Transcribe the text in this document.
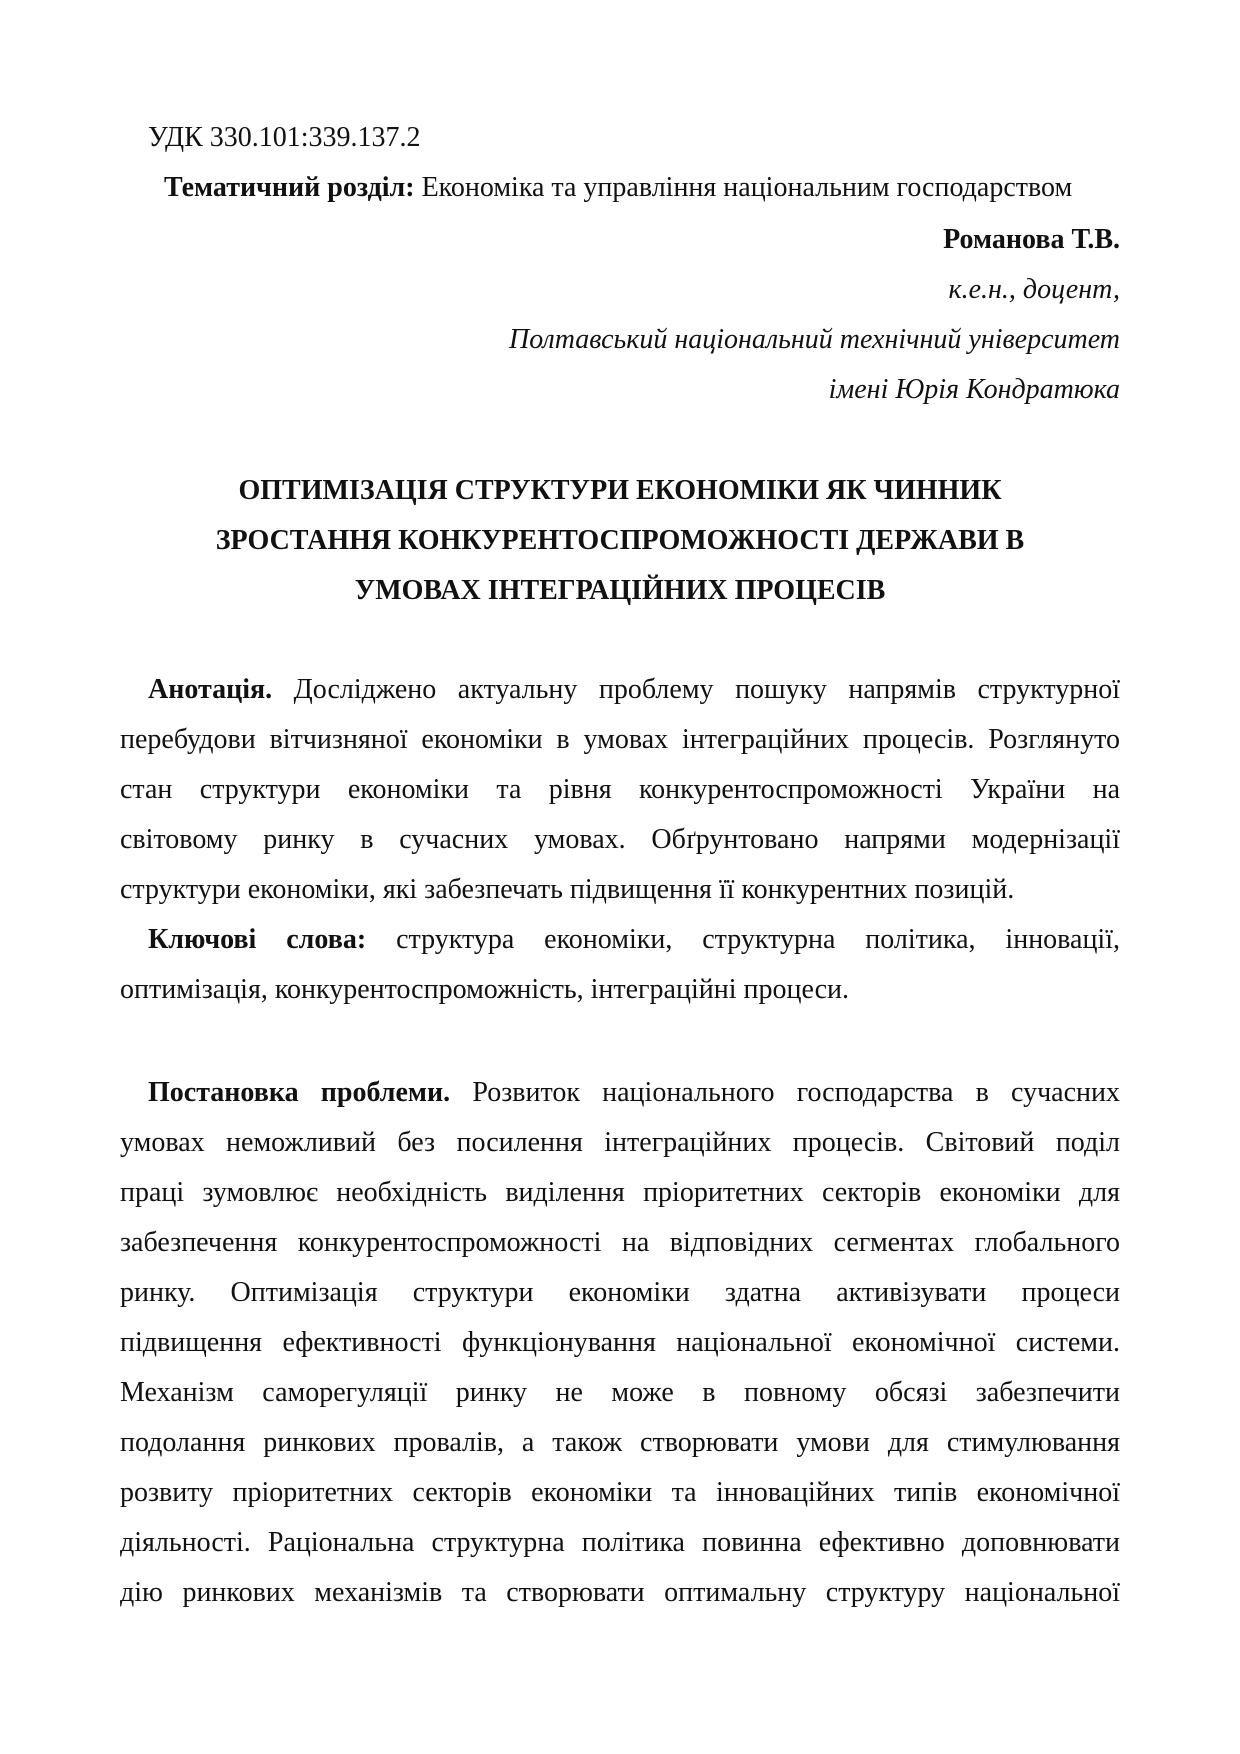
УДК 330.101:339.137.2
Тематичний розділ: Економіка та управління національним господарством
Романова Т.В.
к.е.н., доцент,
Полтавський національний технічний університет
імені Юрія Кондратюка
ОПТИМІЗАЦІЯ СТРУКТУРИ ЕКОНОМІКИ ЯК ЧИННИК
ЗРОСТАННЯ КОНКУРЕНТОСПРОМОЖНОСТІ ДЕРЖАВИ В
УМОВАХ ІНТЕГРАЦІЙНИХ ПРОЦЕСІВ
Анотація. Досліджено актуальну проблему пошуку напрямів структурної
перебудови вітчизняної економіки в умовах інтеграційних процесів. Розглянуто
стан структури економіки та рівня конкурентоспроможності України на
світовому ринку в сучасних умовах. Обґрунтовано напрями модернізації
структури економіки, які забезпечать підвищення її конкурентних позицій.
Ключові слова: структура економіки, структурна політика, інновації,
оптимізація, конкурентоспроможність, інтеграційні процеси.
Постановка проблеми. Розвиток національного господарства в сучасних
умовах неможливий без посилення інтеграційних процесів. Світовий поділ
праці зумовлює необхідність виділення пріоритетних секторів економіки для
забезпечення конкурентоспроможності на відповідних сегментах глобального
ринку. Оптимізація структури економіки здатна активізувати процеси
підвищення ефективності функціонування національної економічної системи.
Механізм саморегуляції ринку не може в повному обсязі забезпечити
подолання ринкових провалів, а також створювати умови для стимулювання
розвиту пріоритетних секторів економіки та інноваційних типів економічної
діяльності. Раціональна структурна політика повинна ефективно доповнювати
дію ринкових механізмів та створювати оптимальну структуру національної
